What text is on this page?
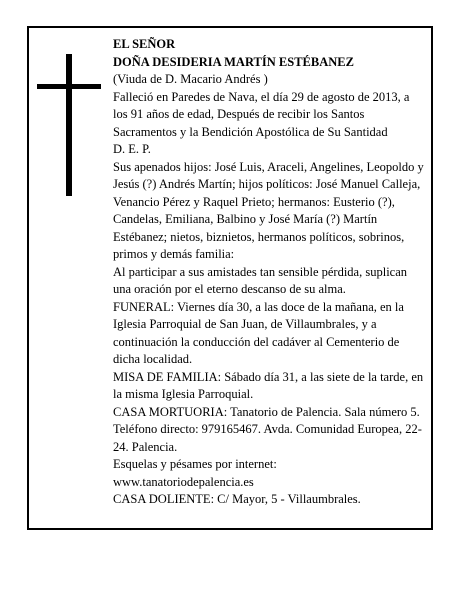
EL SEÑOR

DOÑA DESIDERIA MARTÍN ESTÉBANEZ

(Viuda de D. Macario Andrés )

Falleció en Paredes de Nava, el día 29 de agosto de 2013, a los 91 años de edad, Después de recibir los Santos Sacramentos y la Bendición Apostólica de Su Santidad

D. E. P.

Sus apenados hijos: José Luis, Araceli, Angelines, Leopoldo y Jesús (?) Andrés Martín; hijos políticos: José Manuel Calleja, Venancio Pérez y Raquel Prieto; hermanos: Eusterio (?), Candelas, Emiliana, Balbino y José María (?) Martín Estébanez; nietos, biznietos, hermanos políticos, sobrinos, primos y demás familia:

Al participar a sus amistades tan sensible pérdida, suplican una oración por el eterno descanso de su alma.

FUNERAL: Viernes día 30, a las doce de la mañana, en la Iglesia Parroquial de San Juan, de Villaumbrales, y a continuación la conducción del cadáver al Cementerio de dicha localidad.

MISA DE FAMILIA: Sábado día 31, a las siete de la tarde, en la misma Iglesia Parroquial.

CASA MORTUORIA: Tanatorio de Palencia. Sala número 5. Teléfono directo: 979165467. Avda. Comunidad Europea, 22-24. Palencia.

Esquelas y pésames por internet:

www.tanatoriodepalencia.es

CASA DOLIENTE: C/ Mayor, 5 - Villaumbrales.
